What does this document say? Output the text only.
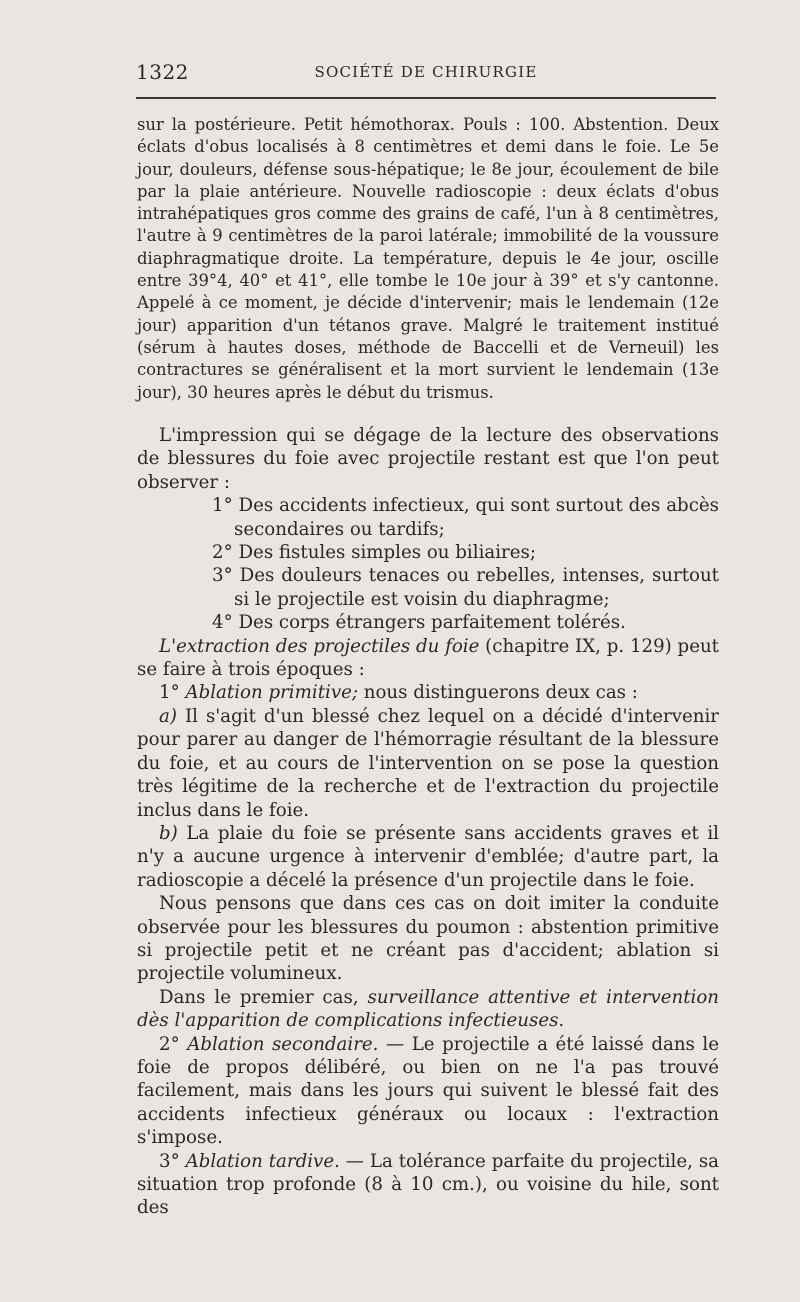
1322	SOCIÉTÉ DE CHIRURGIE

sur la postérieure. Petit hémothorax. Pouls : 100. Abstention. Deux éclats d'obus localisés à 8 centimètres et demi dans le foie. Le 5e jour, douleurs, défense sous-hépatique; le 8e jour, écoulement de bile par la plaie antérieure. Nouvelle radioscopie : deux éclats d'obus intrahépatiques gros comme des grains de café, l'un à 8 centimètres, l'autre à 9 centimètres de la paroi latérale; immobilité de la voussure diaphragmatique droite. La température, depuis le 4e jour, oscille entre 39°4, 40° et 41°, elle tombe le 10e jour à 39° et s'y cantonne. Appelé à ce moment, je décide d'intervenir; mais le lendemain (12e jour) apparition d'un tétanos grave. Malgré le traitement institué (sérum à hautes doses, méthode de Baccelli et de Verneuil) les contractures se généralisent et la mort survient le lendemain (13e jour), 30 heures après le début du trismus.

L'impression qui se dégage de la lecture des observations de blessures du foie avec projectile restant est que l'on peut observer :

1° Des accidents infectieux, qui sont surtout des abcès secondaires ou tardifs;

2° Des fistules simples ou biliaires;

3° Des douleurs tenaces ou rebelles, intenses, surtout si le projectile est voisin du diaphragme;

4° Des corps étrangers parfaitement tolérés.

L'extraction des projectiles du foie (chapitre IX, p. 129) peut se faire à trois époques :

1° Ablation primitive; nous distinguerons deux cas :

a) Il s'agit d'un blessé chez lequel on a décidé d'intervenir pour parer au danger de l'hémorragie résultant de la blessure du foie, et au cours de l'intervention on se pose la question très légitime de la recherche et de l'extraction du projectile inclus dans le foie.

b) La plaie du foie se présente sans accidents graves et il n'y a aucune urgence à intervenir d'emblée; d'autre part, la radioscopie a décelé la présence d'un projectile dans le foie.

Nous pensons que dans ces cas on doit imiter la conduite observée pour les blessures du poumon : abstention primitive si projectile petit et ne créant pas d'accident; ablation si projectile volumineux.

Dans le premier cas, surveillance attentive et intervention dès l'apparition de complications infectieuses.

2° Ablation secondaire. — Le projectile a été laissé dans le foie de propos délibéré, ou bien on ne l'a pas trouvé facilement, mais dans les jours qui suivent le blessé fait des accidents infectieux généraux ou locaux : l'extraction s'impose.

3° Ablation tardive. — La tolérance parfaite du projectile, sa situation trop profonde (8 à 10 cm.), ou voisine du hile, sont des
